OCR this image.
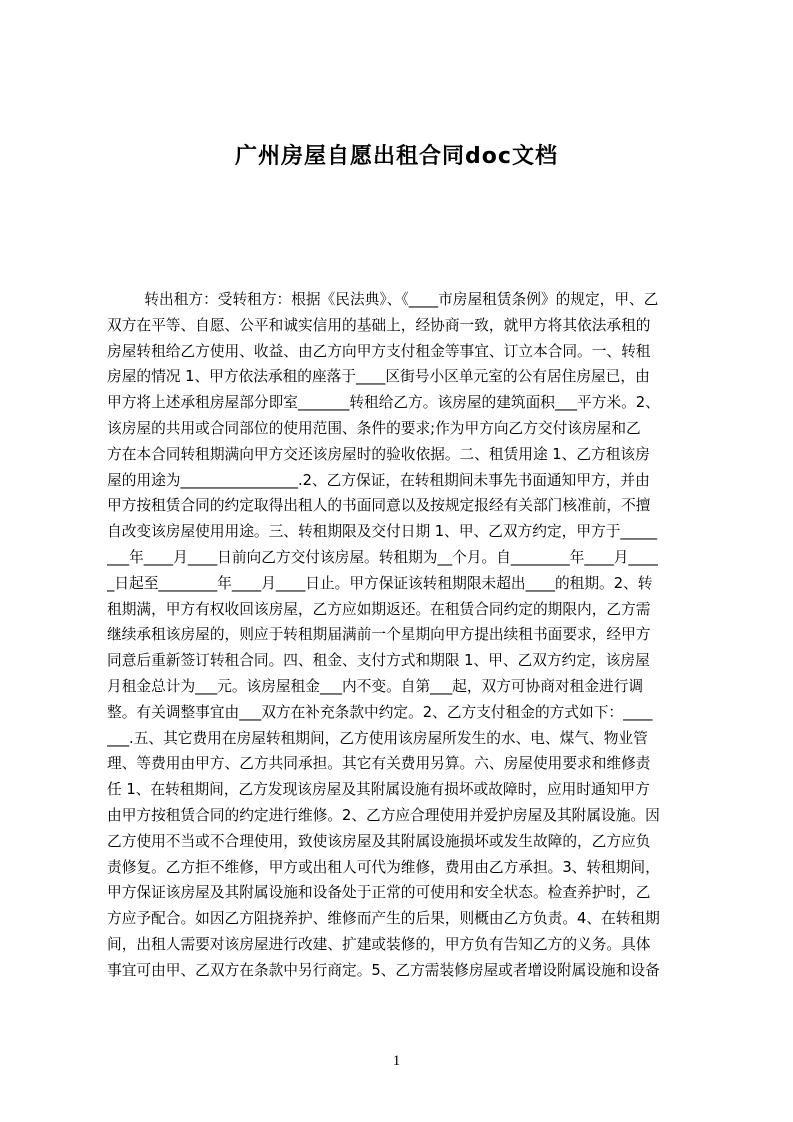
广州房屋自愿出租合同doc文档
转出租方：受转租方：根据《民法典》、《____市房屋租赁条例》的规定，甲、乙
双方在平等、自愿、公平和诚实信用的基础上，经协商一致，就甲方将其依法承租的
房屋转租给乙方使用、收益、由乙方向甲方支付租金等事宜、订立本合同。一、转租
房屋的情况 1、甲方依法承租的座落于____区街号小区单元室的公有居住房屋已，由
甲方将上述承租房屋部分即室_______转租给乙方。该房屋的建筑面积___平方米。2、
该房屋的共用或合同部位的使用范围、条件的要求;作为甲方向乙方交付该房屋和乙
方在本合同转租期满向甲方交还该房屋时的验收依据。二、租赁用途 1、乙方租该房
屋的用途为________________.2、乙方保证，在转租期间未事先书面通知甲方，并由
甲方按租赁合同的约定取得出租人的书面同意以及按规定报经有关部门核准前，不擅
自改变该房屋使用用途。三、转租期限及交付日期 1、甲、乙双方约定，甲方于_____
___年____月____日前向乙方交付该房屋。转租期为__个月。自________年____月____
_日起至________年____月____日止。甲方保证该转租期限未超出____的租期。2、转
租期满，甲方有权收回该房屋，乙方应如期返还。在租赁合同约定的期限内，乙方需
继续承租该房屋的，则应于转租期届满前一个星期向甲方提出续租书面要求，经甲方
同意后重新签订转租合同。四、租金、支付方式和期限 1、甲、乙双方约定，该房屋
月租金总计为___元。该房屋租金___内不变。自第___起，双方可协商对租金进行调
整。有关调整事宜由___双方在补充条款中约定。2、乙方支付租金的方式如下：____
___.五、其它费用在房屋转租期间，乙方使用该房屋所发生的水、电、煤气、物业管
理、等费用由甲方、乙方共同承担。其它有关费用另算。六、房屋使用要求和维修责
任 1、在转租期间，乙方发现该房屋及其附属设施有损坏或故障时，应用时通知甲方
由甲方按租赁合同的约定进行维修。2、乙方应合理使用并爱护房屋及其附属设施。因
乙方使用不当或不合理使用，致使该房屋及其附属设施损坏或发生故障的，乙方应负
责修复。乙方拒不维修，甲方或出租人可代为维修，费用由乙方承担。3、转租期间，
甲方保证该房屋及其附属设施和设备处于正常的可使用和安全状态。检查养护时，乙
方应予配合。如因乙方阻挠养护、维修而产生的后果，则概由乙方负责。4、在转租期
间，出租人需要对该房屋进行改建、扩建或装修的，甲方负有告知乙方的义务。具体
事宜可由甲、乙双方在条款中另行商定。5、乙方需装修房屋或者增设附属设施和设备
1
